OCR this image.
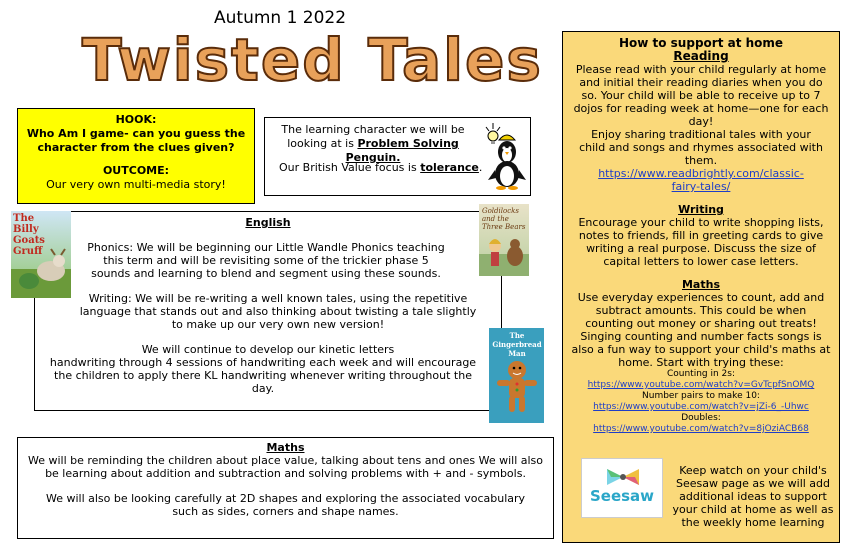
Autumn 1 2022
Twisted Tales
HOOK:
Who Am I game- can you guess the character from the clues given?
OUTCOME:
Our very own multi-media story!
The learning character we will be looking at is Problem Solving Penguin.
Our British Value focus is tolerance.
English

Phonics: We will be beginning our Little Wandle Phonics teaching this term and will be revisiting some of the trickier phase 5 sounds and learning to blend and segment using these sounds.

Writing: We will be re-writing a well known tales, using the repetitive language that stands out and also thinking about twisting a tale slightly to make up our very own new version!

We will continue to develop our kinetic letters

handwriting through 4 sessions of handwriting each week and will encourage the children to apply there KL handwriting whenever writing throughout the day.

The Billy Goats Gruff
Goldilocks and the Three Bears
The Gingerbread Man
Maths
We will be reminding the children about place value, talking about tens and ones We will also be learning about addition and subtraction and solving problems with + and - symbols.
We will also be looking carefully at 2D shapes and exploring the associated vocabulary such as sides, corners and shape names.
How to support at home
Reading
Please read with your child regularly at home and initial their reading diaries when you do so. Your child will be able to receive up to 7 dojos for reading week at home—one for each day!
Enjoy sharing traditional tales with your child and songs and rhymes associated with them.
https://www.readbrightly.com/classic-fairy-tales/
Writing
Encourage your child to write shopping lists, notes to friends, fill in greeting cards to give writing a real purpose. Discuss the size of capital letters to lower case letters.
Maths
Use everyday experiences to count, add and subtract amounts. This could be when counting out money or sharing out treats! Singing counting and number facts songs is also a fun way to support your child's maths at home. Start with trying these:
Counting in 2s:
https://www.youtube.com/watch?v=GvTcpfSnOMQ
Number pairs to make 10:
https://www.youtube.com/watch?v=jZi-6_-Uhwc
Doubles:
https://www.youtube.com/watch?v=8jOziACB68
Seesaw
Keep watch on your child's Seesaw page as we will add additional ideas to support your child at home as well as the weekly home learning
